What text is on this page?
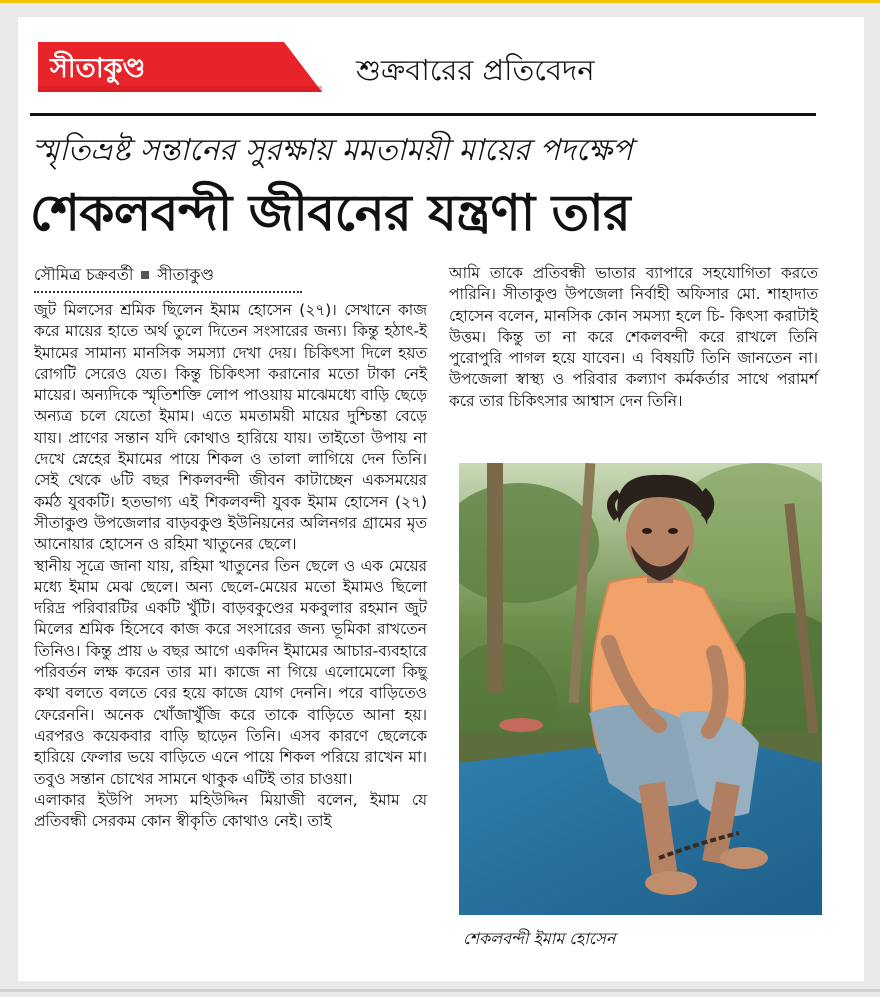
সীতাকুণ্ড	শুক্রবারের প্রতিবেদন
স্মৃতিভ্রষ্ট সন্তানের সুরক্ষায় মমতাময়ী মায়ের পদক্ষেপ
শেকলবন্দী জীবনের যন্ত্রণা তার
সৌমিত্র চক্রবর্তী সীতাকুণ্ড

জুট মিলসের শ্রমিক ছিলেন ইমাম হোসেন (২৭)। সেখানে কাজ করে মায়ের হাতে অর্থ তুলে দিতেন সংসারের জন্য। কিন্তু হঠাৎ-ই ইমামের সামান্য মানসিক সমস্যা দেখা দেয়। চিকিৎসা দিলে হয়ত রোগটি সেরেও যেত। কিন্তু চিকিৎসা করানোর মতো টাকা নেই মায়ের। অন্যদিকে স্মৃতিশক্তি লোপ পাওয়ায় মাঝেমধ্যে বাড়ি ছেড়ে অন্যত্র চলে যেতো ইমাম। এতে মমতাময়ী মায়ের দুশ্চিন্তা বেড়ে যায়। প্রাণের সন্তান যদি কোথাও হারিয়ে যায়। তাইতো উপায় না দেখে স্নেহের ইমামের পায়ে শিকল ও তালা লাগিয়ে দেন তিনি। সেই থেকে ৬টি বছর শিকলবন্দী জীবন কাটাচ্ছেন একসময়ের কর্মঠ যুবকটি। হতভাগ্য এই শিকলবন্দী যুবক ইমাম হোসেন (২৭) সীতাকুণ্ড উপজেলার বাড়বকুণ্ড ইউনিয়নের অলিনগর গ্রামের মৃত আনোয়ার হোসেন ও রহিমা খাতুনের ছেলে।

স্থানীয় সূত্রে জানা যায়, রহিমা খাতুনের তিন ছেলে ও এক মেয়ের মধ্যে ইমাম মেঝ ছেলে। অন্য ছেলে-মেয়ের মতো ইমামও ছিলো দরিদ্র পরিবারটির একটি খুঁটি। বাড়বকুণ্ডের মকবুলার রহমান জুট মিলের শ্রমিক হিসেবে কাজ করে সংসারের জন্য ভূমিকা রাখতেন তিনিও। কিন্তু প্রায় ৬ বছর আগে একদিন ইমামের আচার-ব্যবহারে পরিবর্তন লক্ষ করেন তার মা। কাজে না গিয়ে এলোমেলো কিছু কথা বলতে বলতে বের হয়ে কাজে যোগ দেননি। পরে বাড়িতেও ফেরেননি। অনেক খোঁজাখুঁজি করে তাকে বাড়িতে আনা হয়। এরপরও কয়েকবার বাড়ি ছাড়েন তিনি। এসব কারণে ছেলেকে হারিয়ে ফেলার ভয়ে বাড়িতে এনে পায়ে শিকল পরিয়ে রাখেন মা। তবুও সন্তান চোখের সামনে থাকুক এটিই তার চাওয়া।

এলাকার ইউপি সদস্য মহিউদ্দিন মিয়াজী বলেন, ইমাম যে প্রতিবন্ধী সেরকম কোন স্বীকৃতি কোথাও নেই। তাই

আমি তাকে প্রতিবন্ধী ভাতার ব্যাপারে সহযোগিতা করতে পারিনি। সীতাকুণ্ড উপজেলা নির্বাহী অফিসার মো. শাহাদাত হোসেন বলেন, মানসিক কোন সমস্যা হলে চি- কিৎসা করাটাই উত্তম। কিন্তু তা না করে শেকলবন্দী করে রাখলে তিনি পুরোপুরি পাগল হয়ে যাবেন। এ বিষয়টি তিনি জানতেন না। উপজেলা স্বাস্থ্য ও পরিবার কল্যাণ কর্মকর্তার সাথে পরামর্শ করে তার চিকিৎসার আশ্বাস দেন তিনি।

শেকলবন্দী ইমাম হোসেন
